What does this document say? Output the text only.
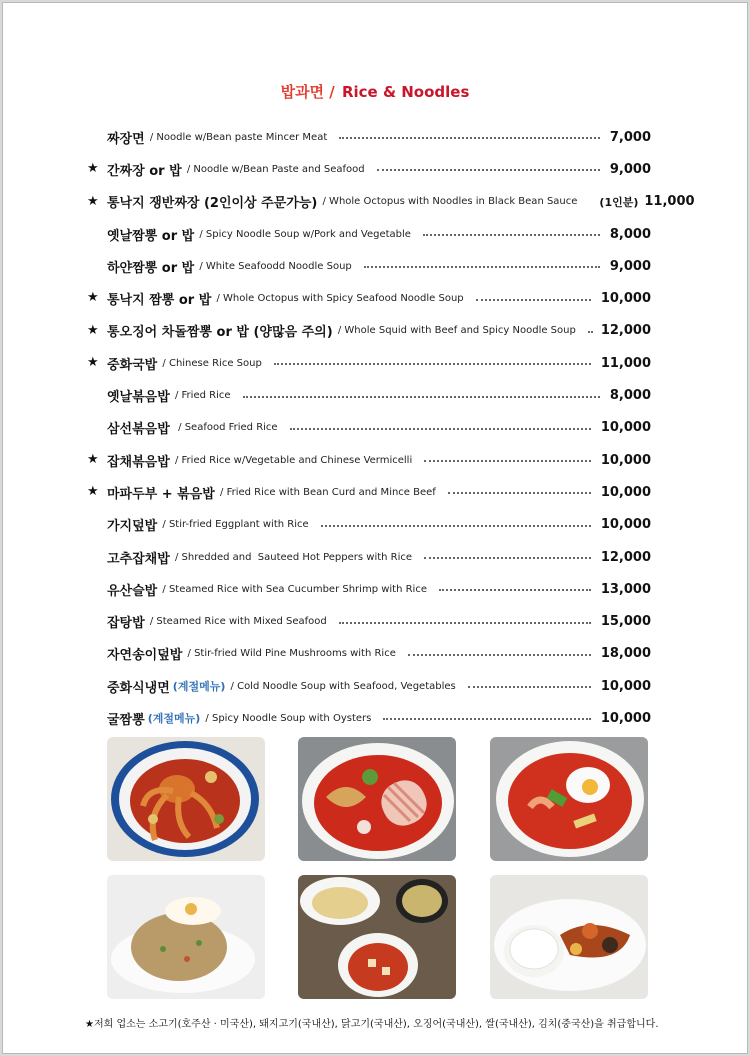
밥과면 / Rice & Noodles
짜장면 / Noodle w/Bean paste Mincer Meat	7,000
★ 간짜장 or 밥 / Noodle w/Bean Paste and Seafood	9,000
★ 통낙지 쟁반짜장 (2인이상 주문가능) / Whole Octopus with Noodles in Black Bean Sauce (1인분) 11,000
옛날짬뽕 or 밥 / Spicy Noodle Soup w/Pork and Vegetable	8,000
하얀짬뽕 or 밥 / White Seafoodd Noodle Soup	9,000
★ 통낙지 짬뽕 or 밥 / Whole Octopus with Spicy Seafood Noodle Soup	10,000
★ 통오징어 차돌짬뽕 or 밥 (양많음 주의) / Whole Squid with Beef and Spicy Noodle Soup 12,000
★ 중화국밥 / Chinese Rice Soup	11,000
옛날볶음밥 / Fried Rice	8,000
삼선볶음밥 / Seafood Fried Rice	10,000
★ 잡채볶음밥 / Fried Rice w/Vegetable and Chinese Vermicelli	10,000
★ 마파두부 + 볶음밥 / Fried Rice with Bean Curd and Mince Beef	10,000
가지덮밥 / Stir-fried Eggplant with Rice	10,000
고추잡채밥 / Shredded and  Sauteed Hot Peppers with Rice	12,000
유산슬밥 / Steamed Rice with Sea Cucumber Shrimp with Rice	13,000
잡탕밥 / Steamed Rice with Mixed Seafood	15,000
자연송이덮밥 / Stir-fried Wild Pine Mushrooms with Rice	18,000
중화식냉면 (계절메뉴) / Cold Noodle Soup with Seafood, Vegetables	10,000
굴짬뽕 (계절메뉴) / Spicy Noodle Soup with Oysters	10,000
★저희 업소는 소고기(호주산 · 미국산), 돼지고기(국내산), 닭고기(국내산), 오징어(국내산), 쌀(국내산), 김치(중국산)을 취급합니다.
